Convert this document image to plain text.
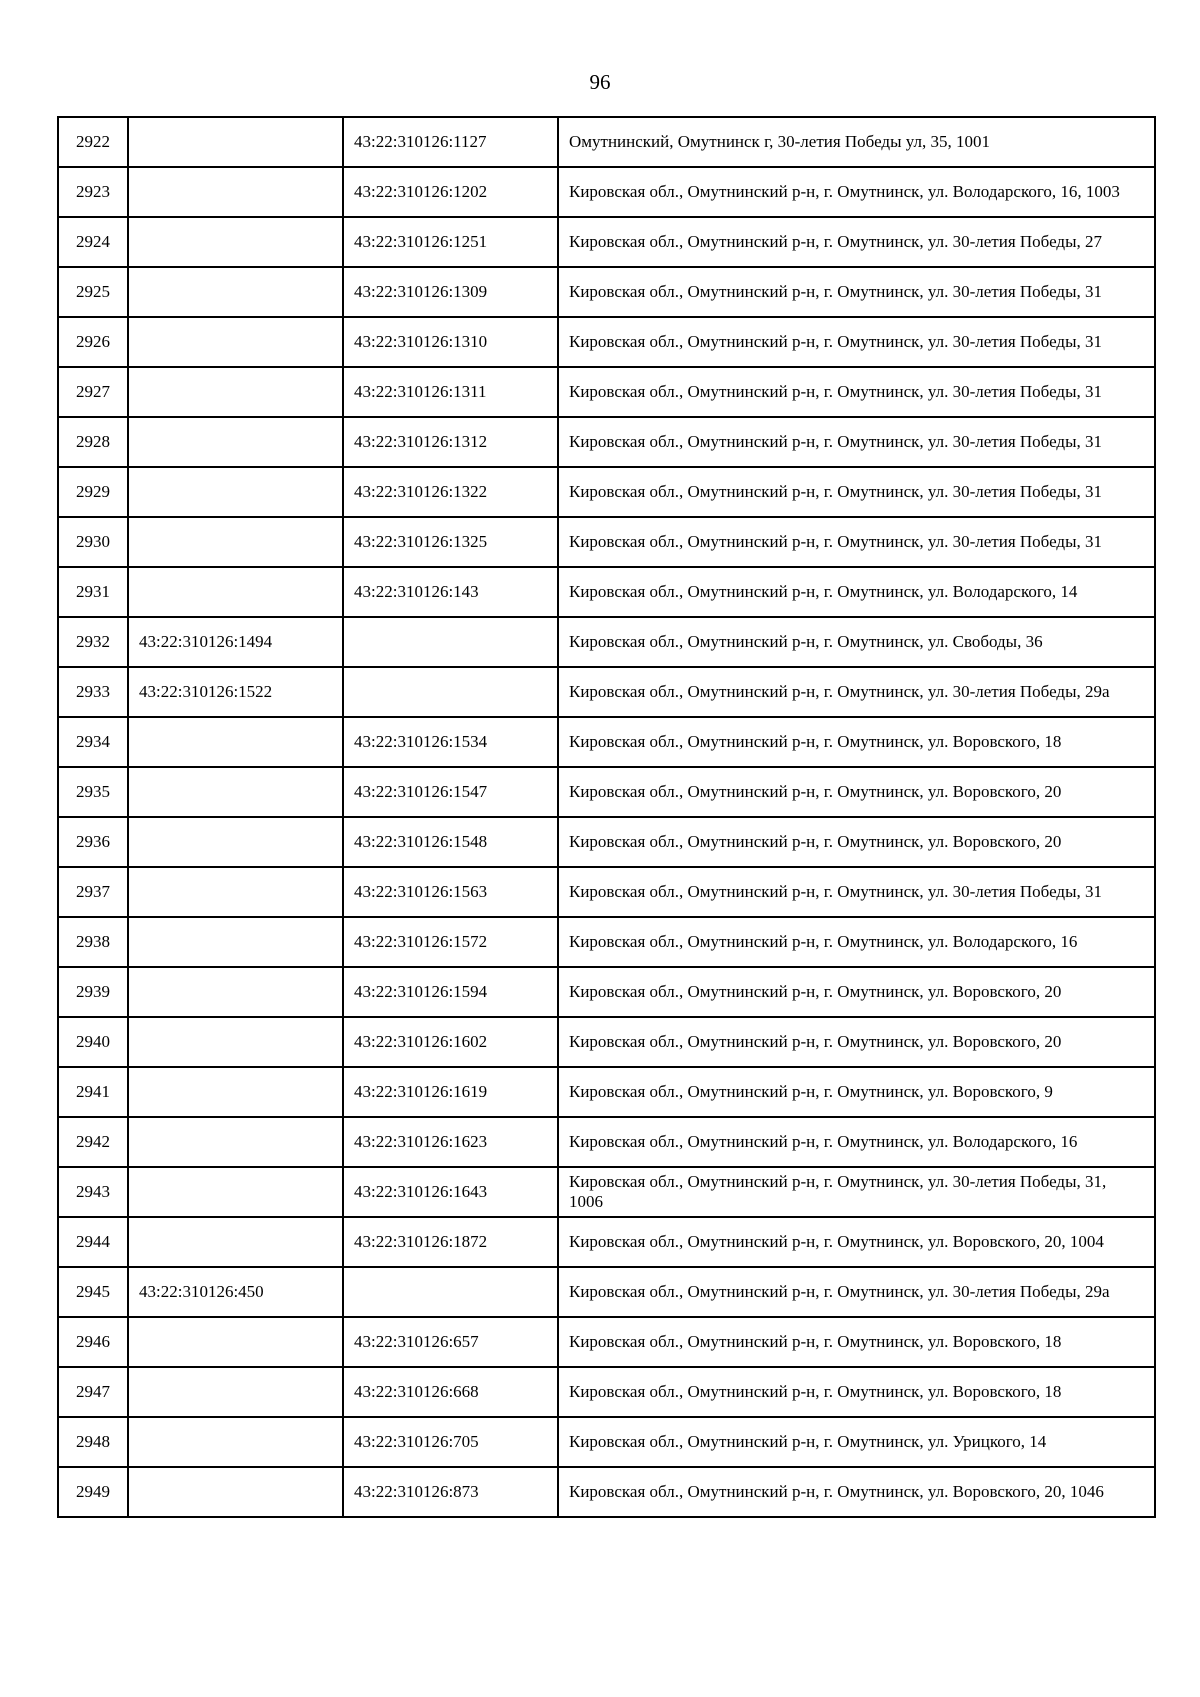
96
2922		43:22:310126:1127	Омутнинский, Омутнинск г, 30-летия Победы ул, 35, 1001
2923		43:22:310126:1202	Кировская обл., Омутнинский р-н, г. Омутнинск, ул. Володарского, 16, 1003
2924		43:22:310126:1251	Кировская обл., Омутнинский р-н, г. Омутнинск, ул. 30-летия Победы, 27
2925		43:22:310126:1309	Кировская обл., Омутнинский р-н, г. Омутнинск, ул. 30-летия Победы, 31
2926		43:22:310126:1310	Кировская обл., Омутнинский р-н, г. Омутнинск, ул. 30-летия Победы, 31
2927		43:22:310126:1311	Кировская обл., Омутнинский р-н, г. Омутнинск, ул. 30-летия Победы, 31
2928		43:22:310126:1312	Кировская обл., Омутнинский р-н, г. Омутнинск, ул. 30-летия Победы, 31
2929		43:22:310126:1322	Кировская обл., Омутнинский р-н, г. Омутнинск, ул. 30-летия Победы, 31
2930		43:22:310126:1325	Кировская обл., Омутнинский р-н, г. Омутнинск, ул. 30-летия Победы, 31
2931		43:22:310126:143	Кировская обл., Омутнинский р-н, г. Омутнинск, ул. Володарского, 14
2932	43:22:310126:1494		Кировская обл., Омутнинский р-н, г. Омутнинск, ул. Свободы, 36
2933	43:22:310126:1522		Кировская обл., Омутнинский р-н, г. Омутнинск, ул. 30-летия Победы, 29а
2934		43:22:310126:1534	Кировская обл., Омутнинский р-н, г. Омутнинск, ул. Воровского, 18
2935		43:22:310126:1547	Кировская обл., Омутнинский р-н, г. Омутнинск, ул. Воровского, 20
2936		43:22:310126:1548	Кировская обл., Омутнинский р-н, г. Омутнинск, ул. Воровского, 20
2937		43:22:310126:1563	Кировская обл., Омутнинский р-н, г. Омутнинск, ул. 30-летия Победы, 31
2938		43:22:310126:1572	Кировская обл., Омутнинский р-н, г. Омутнинск, ул. Володарского, 16
2939		43:22:310126:1594	Кировская обл., Омутнинский р-н, г. Омутнинск, ул. Воровского, 20
2940		43:22:310126:1602	Кировская обл., Омутнинский р-н, г. Омутнинск, ул. Воровского, 20
2941		43:22:310126:1619	Кировская обл., Омутнинский р-н, г. Омутнинск, ул. Воровского, 9
2942		43:22:310126:1623	Кировская обл., Омутнинский р-н, г. Омутнинск, ул. Володарского, 16
2943		43:22:310126:1643	Кировская обл., Омутнинский р-н, г. Омутнинск, ул. 30-летия Победы, 31, 1006
2944		43:22:310126:1872	Кировская обл., Омутнинский р-н, г. Омутнинск, ул. Воровского, 20, 1004
2945	43:22:310126:450		Кировская обл., Омутнинский р-н, г. Омутнинск, ул. 30-летия Победы, 29а
2946		43:22:310126:657	Кировская обл., Омутнинский р-н, г. Омутнинск, ул. Воровского, 18
2947		43:22:310126:668	Кировская обл., Омутнинский р-н, г. Омутнинск, ул. Воровского, 18
2948		43:22:310126:705	Кировская обл., Омутнинский р-н, г. Омутнинск, ул. Урицкого, 14
2949		43:22:310126:873	Кировская обл., Омутнинский р-н, г. Омутнинск, ул. Воровского, 20, 1046
